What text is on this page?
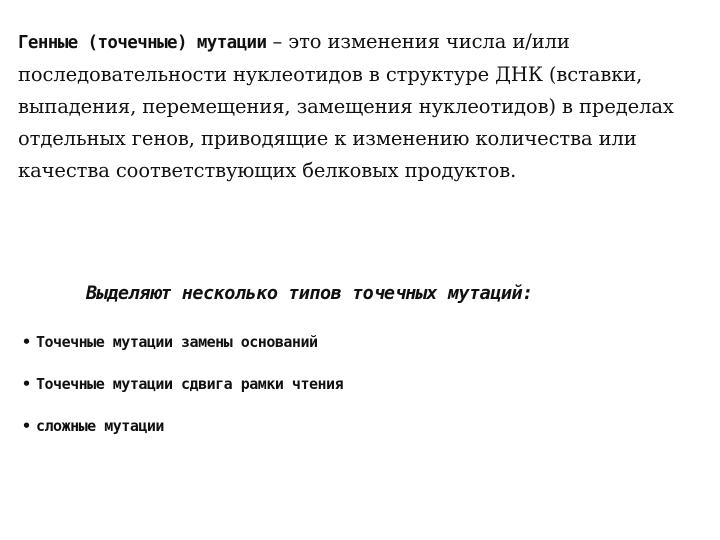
Генные (точечные) мутации – это изменения числа и/или последовательности нуклеотидов в структуре ДНК (вставки, выпадения, перемещения, замещения нуклеотидов) в пределах отдельных генов, приводящие к изменению количества или качества соответствующих белковых продуктов.

Выделяют несколько типов точечных мутаций:

• Точечные мутации замены оснований
• Точечные мутации сдвига рамки чтения
• сложные мутации
